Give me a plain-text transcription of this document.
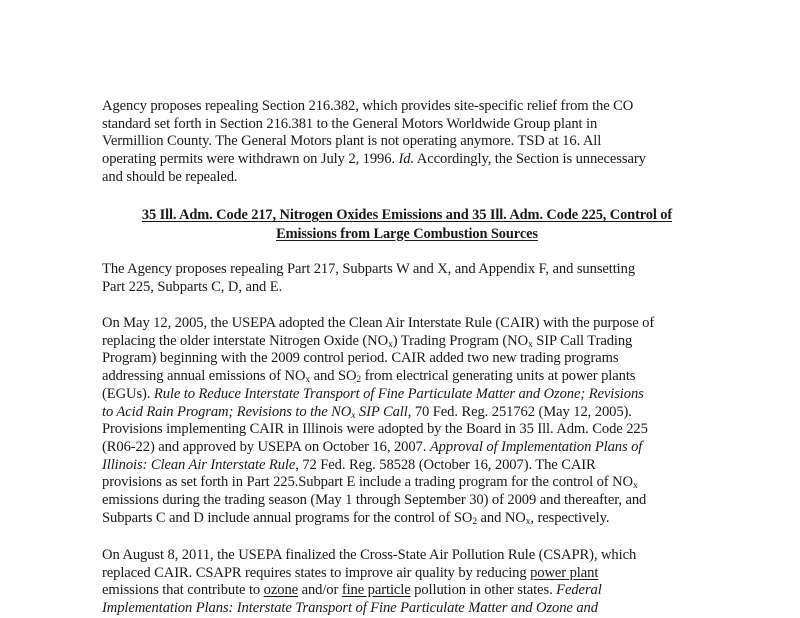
Agency proposes repealing Section 216.382, which provides site-specific relief from the CO
standard set forth in Section 216.381 to the General Motors Worldwide Group plant in
Vermillion County. The General Motors plant is not operating anymore. TSD at 16. All
operating permits were withdrawn on July 2, 1996. Id. Accordingly, the Section is unnecessary
and should be repealed.
35 Ill. Adm. Code 217, Nitrogen Oxides Emissions and 35 Ill. Adm. Code 225, Control of
Emissions from Large Combustion Sources
The Agency proposes repealing Part 217, Subparts W and X, and Appendix F, and sunsetting
Part 225, Subparts C, D, and E.
On May 12, 2005, the USEPA adopted the Clean Air Interstate Rule (CAIR) with the purpose of
replacing the older interstate Nitrogen Oxide $(NO_x)$ Trading Program ($NO_x$ SIP Call Trading
Program) beginning with the 2009 control period. CAIR added two new trading programs
addressing annual emissions of $NO_x$ and $SO_2$ from electrical generating units at power plants
(EGUs). Rule to Reduce Interstate Transport of Fine Particulate Matter and Ozone; Revisions
to Acid Rain Program; Revisions to the $NO_x$ SIP Call, 70 Fed. Reg. 251762 (May 12, 2005).
Provisions implementing CAIR in Illinois were adopted by the Board in 35 Ill. Adm. Code 225
(R06-22) and approved by USEPA on October 16, 2007. Approval of Implementation Plans of
Illinois: Clean Air Interstate Rule, 72 Fed. Reg. 58528 (October 16, 2007). The CAIR
provisions as set forth in Part 225.Subpart E include a trading program for the control of $NO_x$
emissions during the trading season (May 1 through September 30) of 2009 and thereafter, and
Subparts C and D include annual programs for the control of $SO_2$ and $NO_x$, respectively.
On August 8, 2011, the USEPA finalized the Cross-State Air Pollution Rule (CSAPR), which
replaced CAIR. CSAPR requires states to improve air quality by reducing power plant
emissions that contribute to ozone and/or fine particle pollution in other states. Federal
Implementation Plans: Interstate Transport of Fine Particulate Matter and Ozone and
